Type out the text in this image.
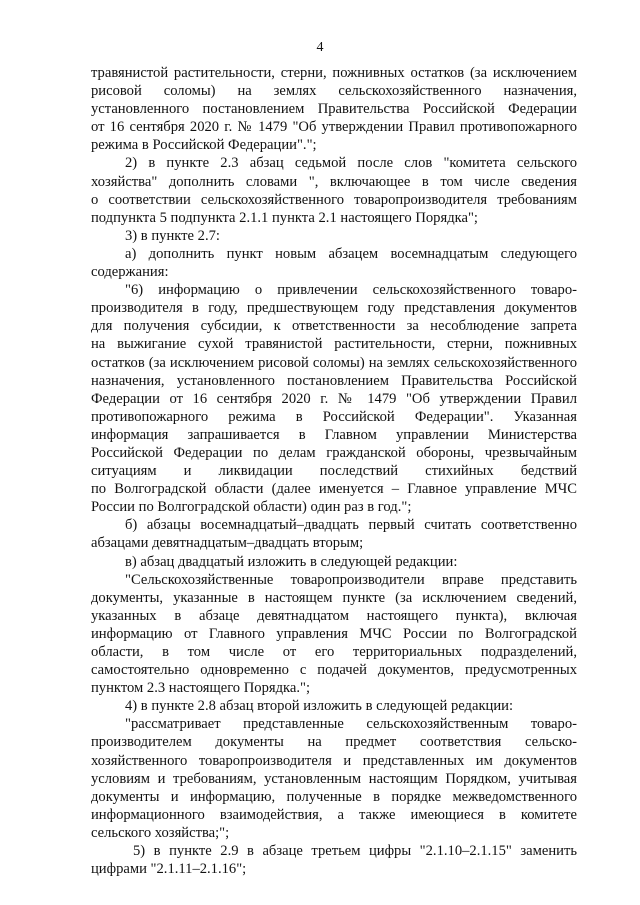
4
травянистой растительности, стерни, пожнивных остатков (за исключением
рисовой соломы) на землях сельскохозяйственного назначения,
установленного постановлением Правительства Российской Федерации
от 16 сентября 2020 г. № 1479 "Об утверждении Правил противопожарного
режима в Российской Федерации".";
2) в пункте 2.3 абзац седьмой после слов "комитета сельского
хозяйства" дополнить словами ", включающее в том числе сведения
о соответствии сельскохозяйственного товаропроизводителя требованиям
подпункта 5 подпункта 2.1.1 пункта 2.1 настоящего Порядка";
3) в пункте 2.7:
а) дополнить пункт новым абзацем восемнадцатым следующего
содержания:
"6) информацию о привлечении сельскохозяйственного товаро-
производителя в году, предшествующем году представления документов
для получения субсидии, к ответственности за несоблюдение запрета
на выжигание сухой травянистой растительности, стерни, пожнивных
остатков (за исключением рисовой соломы) на землях сельскохозяйственного
назначения, установленного постановлением Правительства Российской
Федерации от 16 сентября 2020 г. № 1479 "Об утверждении Правил
противопожарного режима в Российской Федерации". Указанная
информация запрашивается в Главном управлении Министерства
Российской Федерации по делам гражданской обороны, чрезвычайным
ситуациям и ликвидации последствий стихийных бедствий
по Волгоградской области (далее именуется – Главное управление МЧС
России по Волгоградской области) один раз в год.";
б) абзацы восемнадцатый–двадцать первый считать соответственно
абзацами девятнадцатым–двадцать вторым;
в) абзац двадцатый изложить в следующей редакции:
"Сельскохозяйственные товаропроизводители вправе представить
документы, указанные в настоящем пункте (за исключением сведений,
указанных в абзаце девятнадцатом настоящего пункта), включая
информацию от Главного управления МЧС России по Волгоградской
области, в том числе от его территориальных подразделений,
самостоятельно одновременно с подачей документов, предусмотренных
пунктом 2.3 настоящего Порядка.";
4) в пункте 2.8 абзац второй изложить в следующей редакции:
"рассматривает представленные сельскохозяйственным товаро-
производителем документы на предмет соответствия сельско-
хозяйственного товаропроизводителя и представленных им документов
условиям и требованиям, установленным настоящим Порядком, учитывая
документы и информацию, полученные в порядке межведомственного
информационного взаимодействия, а также имеющиеся в комитете
сельского хозяйства;";
5) в пункте 2.9 в абзаце третьем цифры "2.1.10–2.1.15" заменить
цифрами "2.1.11–2.1.16";
